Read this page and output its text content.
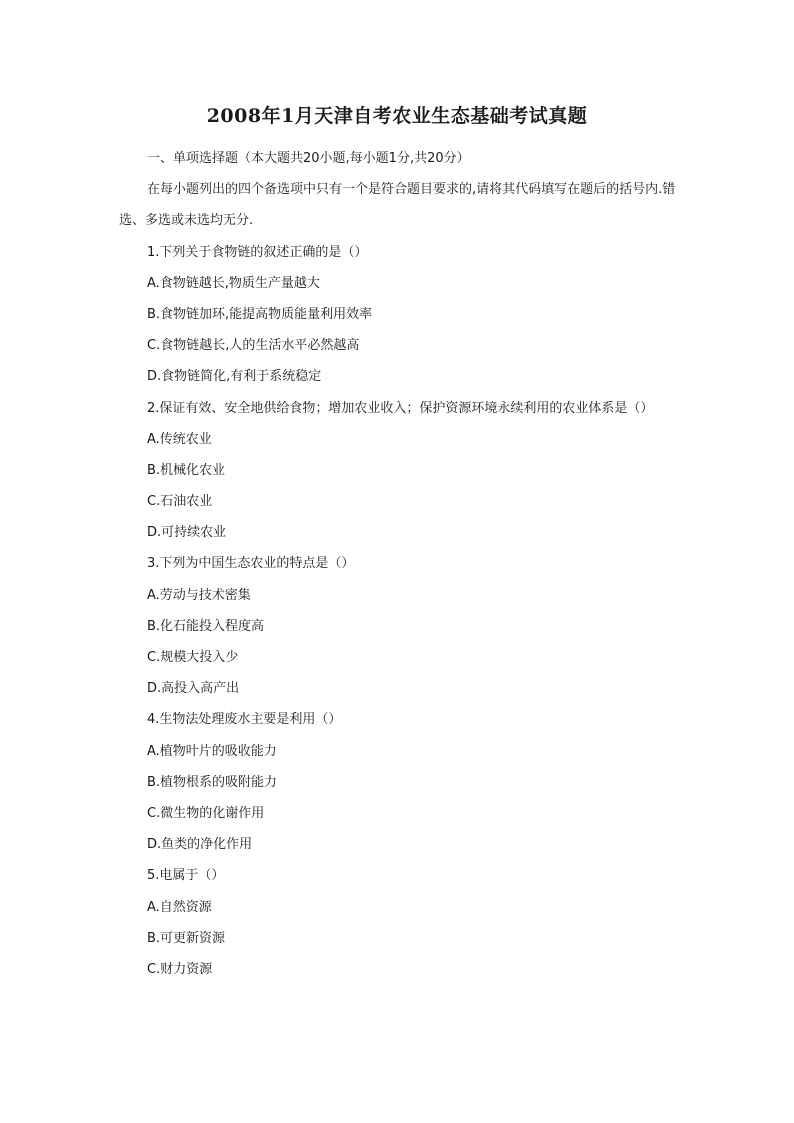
2008年1月天津自考农业生态基础考试真题
一、单项选择题（本大题共20小题,每小题1分,共20分）
在每小题列出的四个备选项中只有一个是符合题目要求的,请将其代码填写在题后的括号内.错选、多选或未选均无分.
1.下列关于食物链的叙述正确的是（）
A.食物链越长,物质生产量越大
B.食物链加环,能提高物质能量利用效率
C.食物链越长,人的生活水平必然越高
D.食物链简化,有利于系统稳定
2.保证有效、安全地供给食物；增加农业收入；保护资源环境永续利用的农业体系是（）
A.传统农业
B.机械化农业
C.石油农业
D.可持续农业
3.下列为中国生态农业的特点是（）
A.劳动与技术密集
B.化石能投入程度高
C.规模大投入少
D.高投入高产出
4.生物法处理废水主要是利用（）
A.植物叶片的吸收能力
B.植物根系的吸附能力
C.微生物的化谢作用
D.鱼类的净化作用
5.电属于（）
A.自然资源
B.可更新资源
C.财力资源
